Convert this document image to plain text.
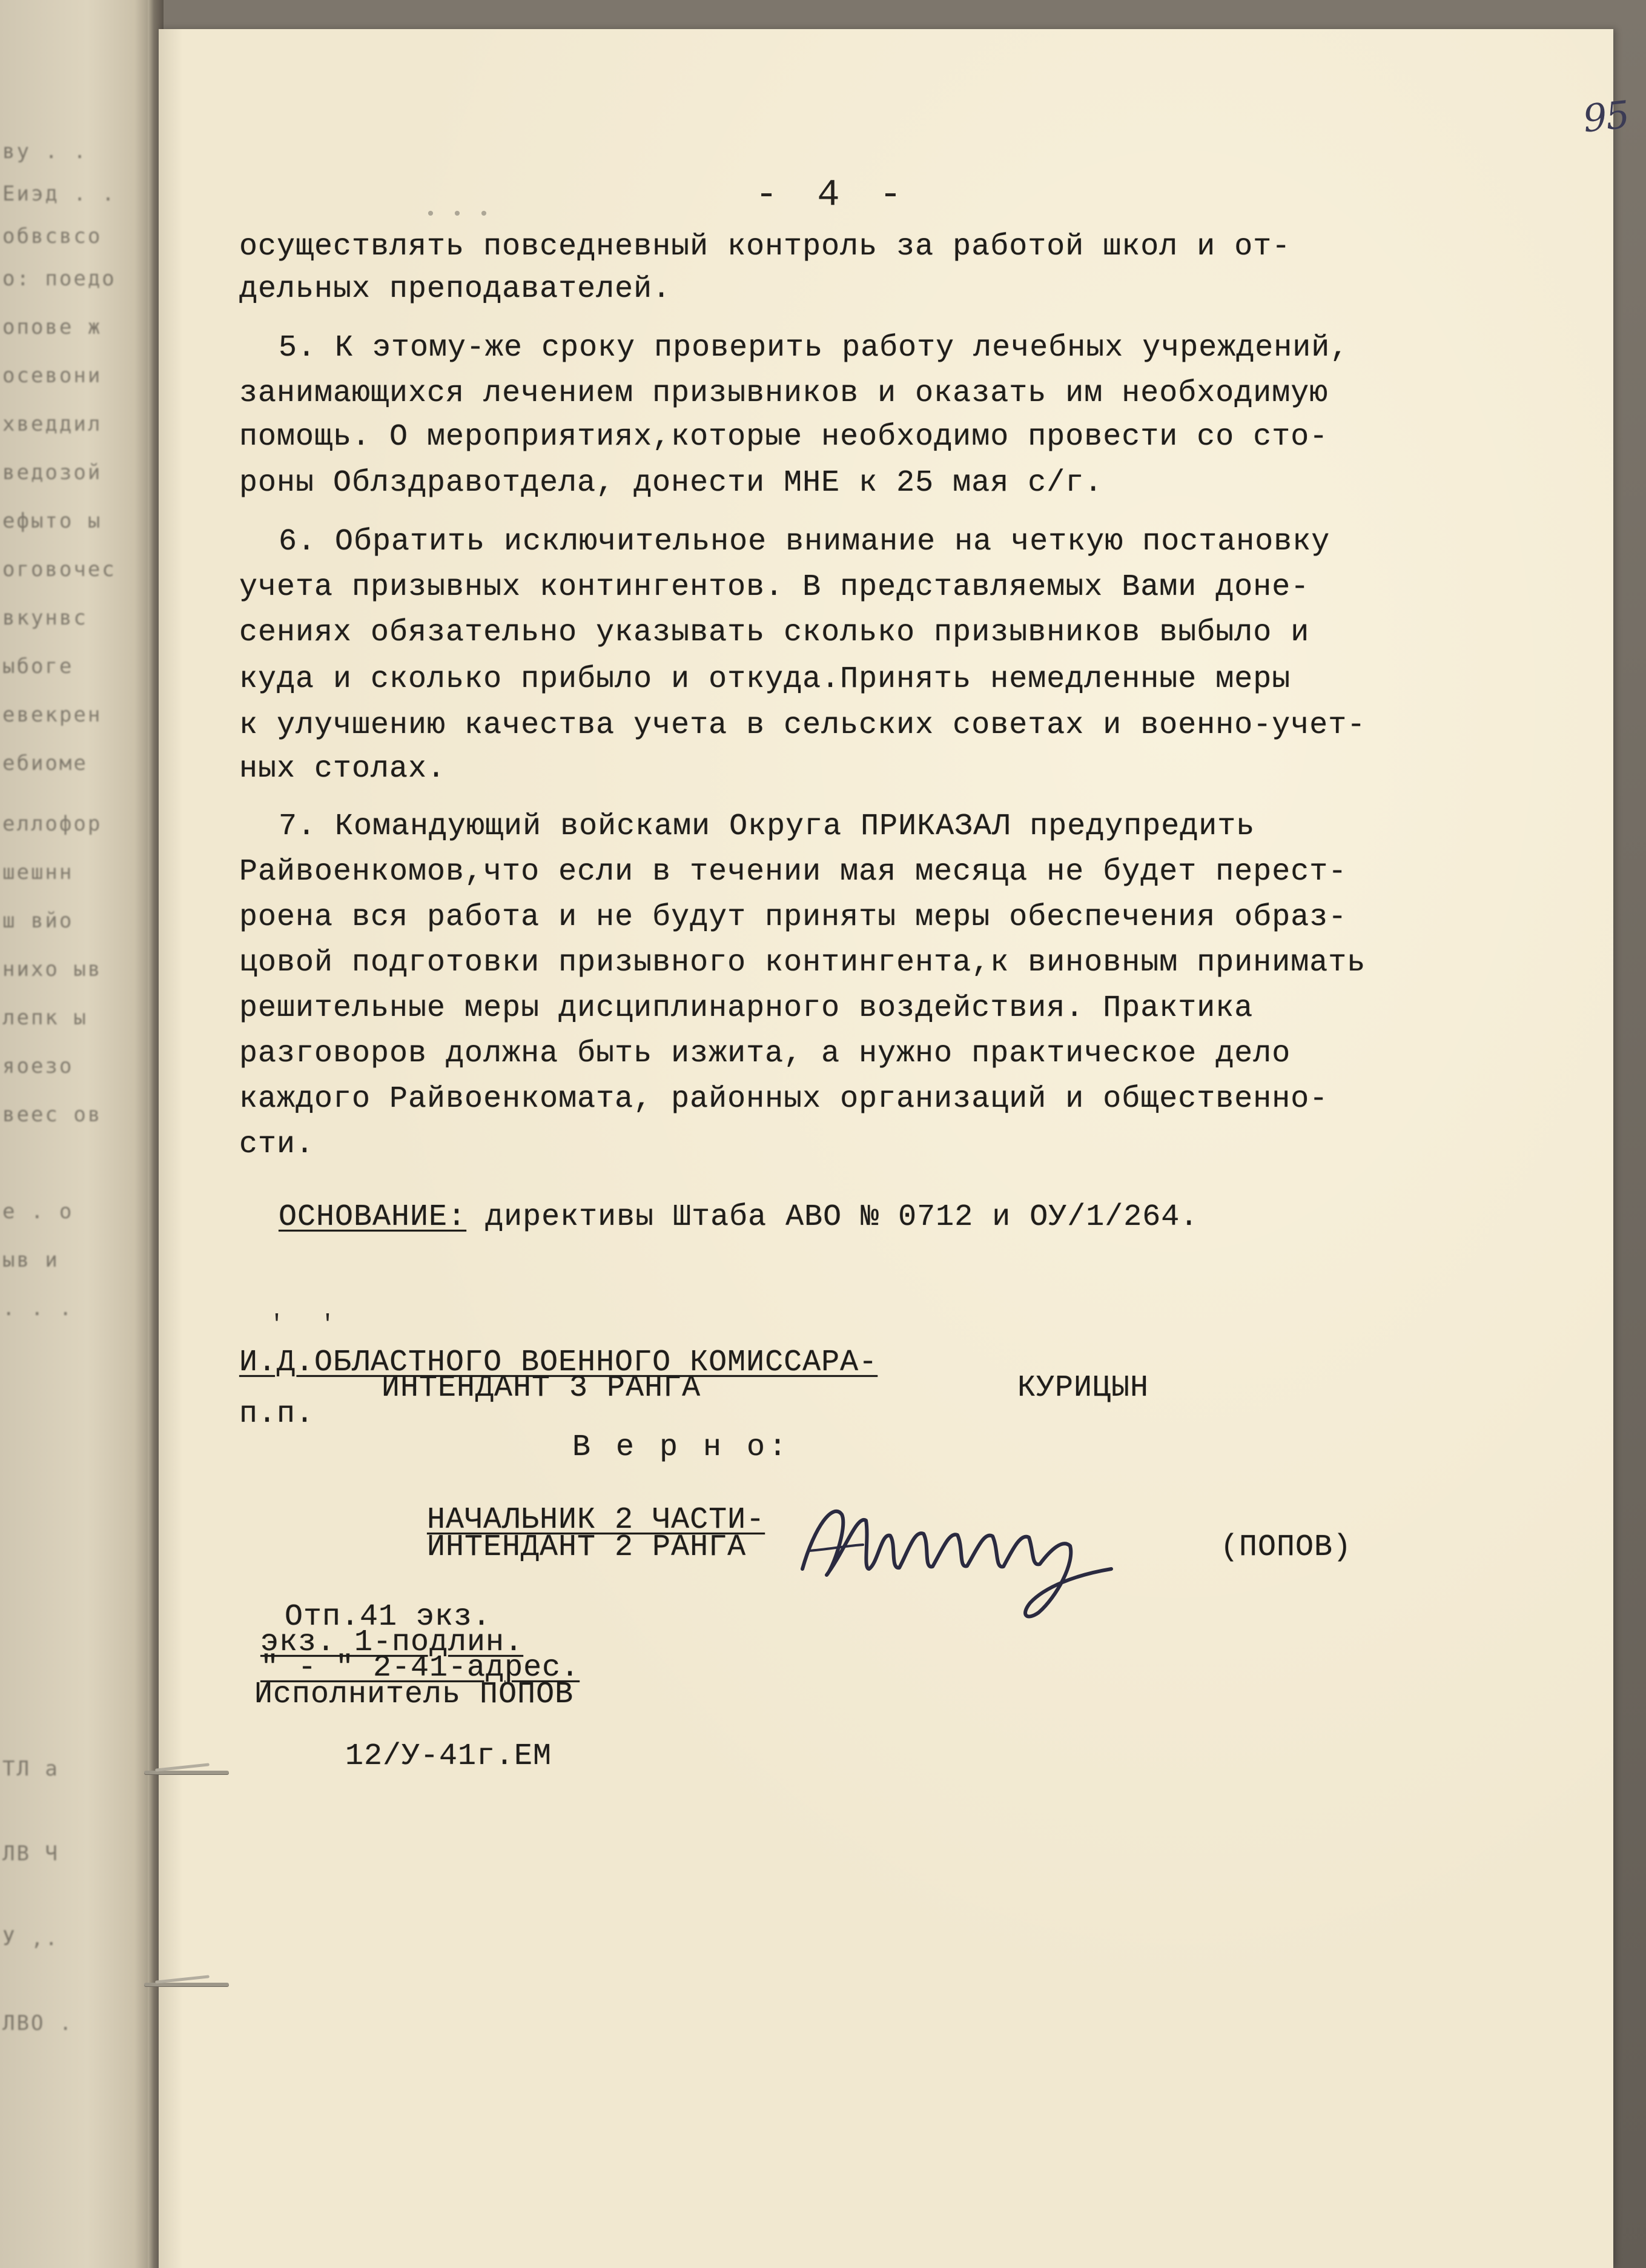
ву . .
Еиэд . .
обвсвсо
о: поедо
опове ж
осевони
хведдил
ведозой
ефыто ы
оговочес
вкунвс
ыбоге
евекрен
ебиоме
еллофор
шешнн
ш вйо
нихо ыв
лепк ы
яоезо
веес ов
е . о
ыв и
. . .
ТЛ а
ЛВ Ч
У ,.
ЛВО .
95
- 4 -
• • •
осуществлять повседневный контроль за работой школ и от-
дельных преподавателей.
5. К этому-же сроку проверить работу лечебных учреждений,
занимающихся лечением призывников и оказать им необходимую
помощь. О мероприятиях,которые необходимо провести со сто-
роны Облздравотдела, донести МНЕ к 25 мая с/г.
6. Обратить исключительное внимание на четкую постановку
учета призывных контингентов. В представляемых Вами доне-
сениях обязательно указывать сколько призывников выбыло и
куда и сколько прибыло и откуда.Принять немедленные меры
к улучшению качества учета в сельских советах и военно-учет-
ных столах.
7. Командующий войсками Округа ПРИКАЗАЛ предупредить
Райвоенкомов,что если в течении мая месяца не будет перест-
роена вся работа и не будут приняты меры обеспечения образ-
цовой подготовки призывного контингента,к виновным принимать
решительные меры дисциплинарного воздействия. Практика
разговоров должна быть изжита, а нужно практическое дело
каждого Райвоенкомата, районных организаций и общественно-
сти.
ОСНОВАНИЕ: директивы Штаба АВО № 0712 и ОУ/1/264.
' '
И.Д.ОБЛАСТНОГО ВОЕННОГО КОМИССАРА-
ИНТЕНДАНТ 3 РАНГА
п.п.
КУРИЦЫН
В е р н о:
НАЧАЛЬНИК 2 ЧАСТИ-
ИНТЕНДАНТ 2 РАНГА	(ПОПОВ)
Отп.41 экз.
экз. 1-подлин.
" - " 2-41-адрес.
Исполнитель ПОПОВ
12/У-41г.ЕМ
